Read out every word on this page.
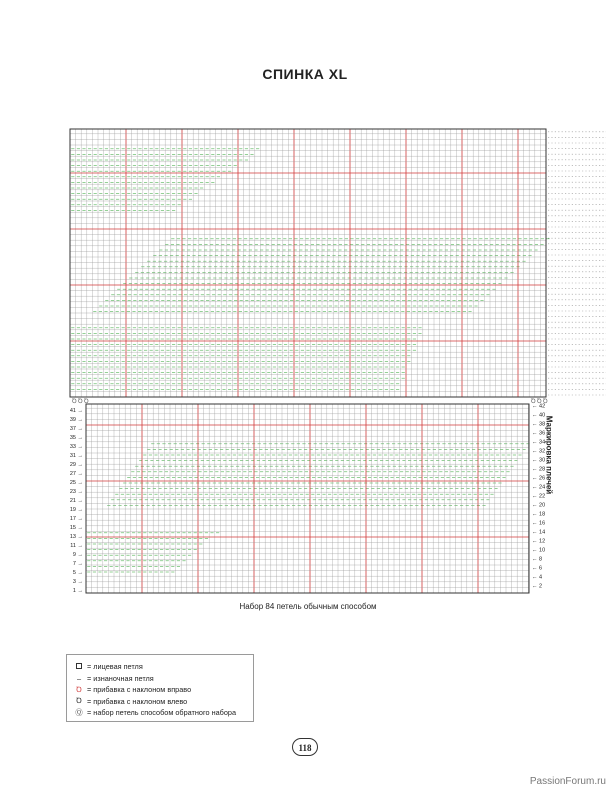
СПИНКА XL
Ꝺ Ꝺ Ꝺ	Ꝺ Ꝺ Ꝺ
41 →
39 →
37 →
35 →
33 →
31 →
29 →
27 →
25 →
23 →
21 →
19 →
17 →
15 →
13 →
11 →
9 →
7 →
5 →
3 →
1 →
← 42
← 40
← 38
← 36
← 34
← 32
← 30
← 28
← 26
← 24
← 22
← 20
← 18
← 16
← 14
← 12
← 10
← 8
← 6
← 4
← 2
Маркировка плечей
Набор 84 петель обычным способом
= лицевая петля
– = изнаночная петля
Ꝺ = прибавка с наклоном вправо
Ꝺ = прибавка с наклоном влево
Ⓠ = набор петель способом обратного набора
118
PassionForum.ru
